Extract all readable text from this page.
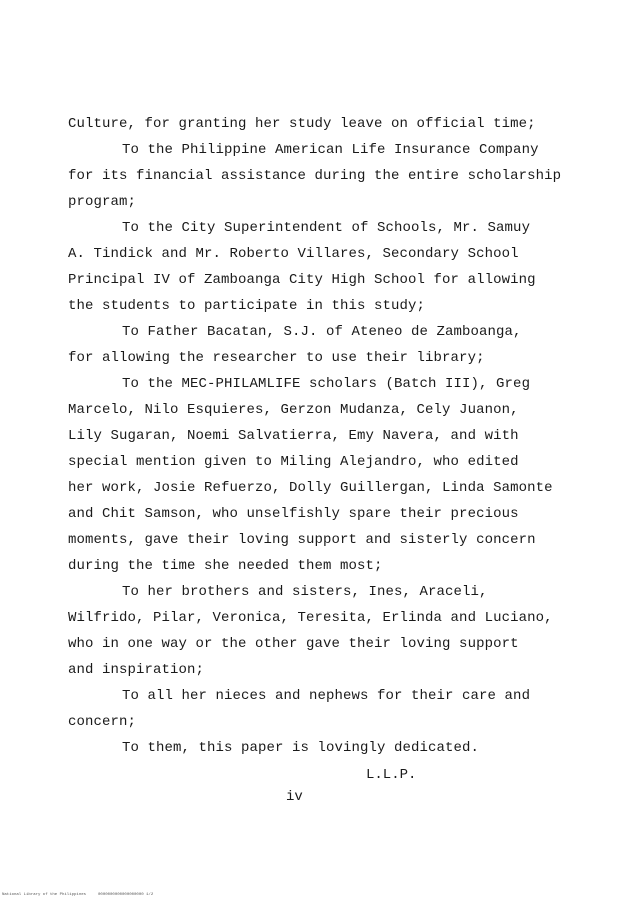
Culture, for granting her study leave on official time;
To the Philippine American Life Insurance Company
for its financial assistance during the entire scholarship
program;
To the City Superintendent of Schools, Mr. Samuy
A. Tindick and Mr. Roberto Villares, Secondary School
Principal IV of Zamboanga City High School for allowing
the students to participate in this study;
To Father Bacatan, S.J. of Ateneo de Zamboanga,
for allowing the researcher to use their library;
To the MEC-PHILAMLIFE scholars (Batch III), Greg
Marcelo, Nilo Esquieres, Gerzon Mudanza, Cely Juanon,
Lily Sugaran, Noemi Salvatierra, Emy Navera, and with
special mention given to Miling Alejandro, who edited
her work, Josie Refuerzo, Dolly Guillergan, Linda Samonte
and Chit Samson, who unselfishly spare their precious
moments, gave their loving support and sisterly concern
during the time she needed them most;
To her brothers and sisters, Ines, Araceli,
Wilfrido, Pilar, Veronica, Teresita, Erlinda and Luciano,
who in one way or the other gave their loving support
and inspiration;
To all her nieces and nephews for their care and
concern;
To them, this paper is lovingly dedicated.
L.L.P.
iv
National Library of the Philippines     0000000000000000000 1/2
